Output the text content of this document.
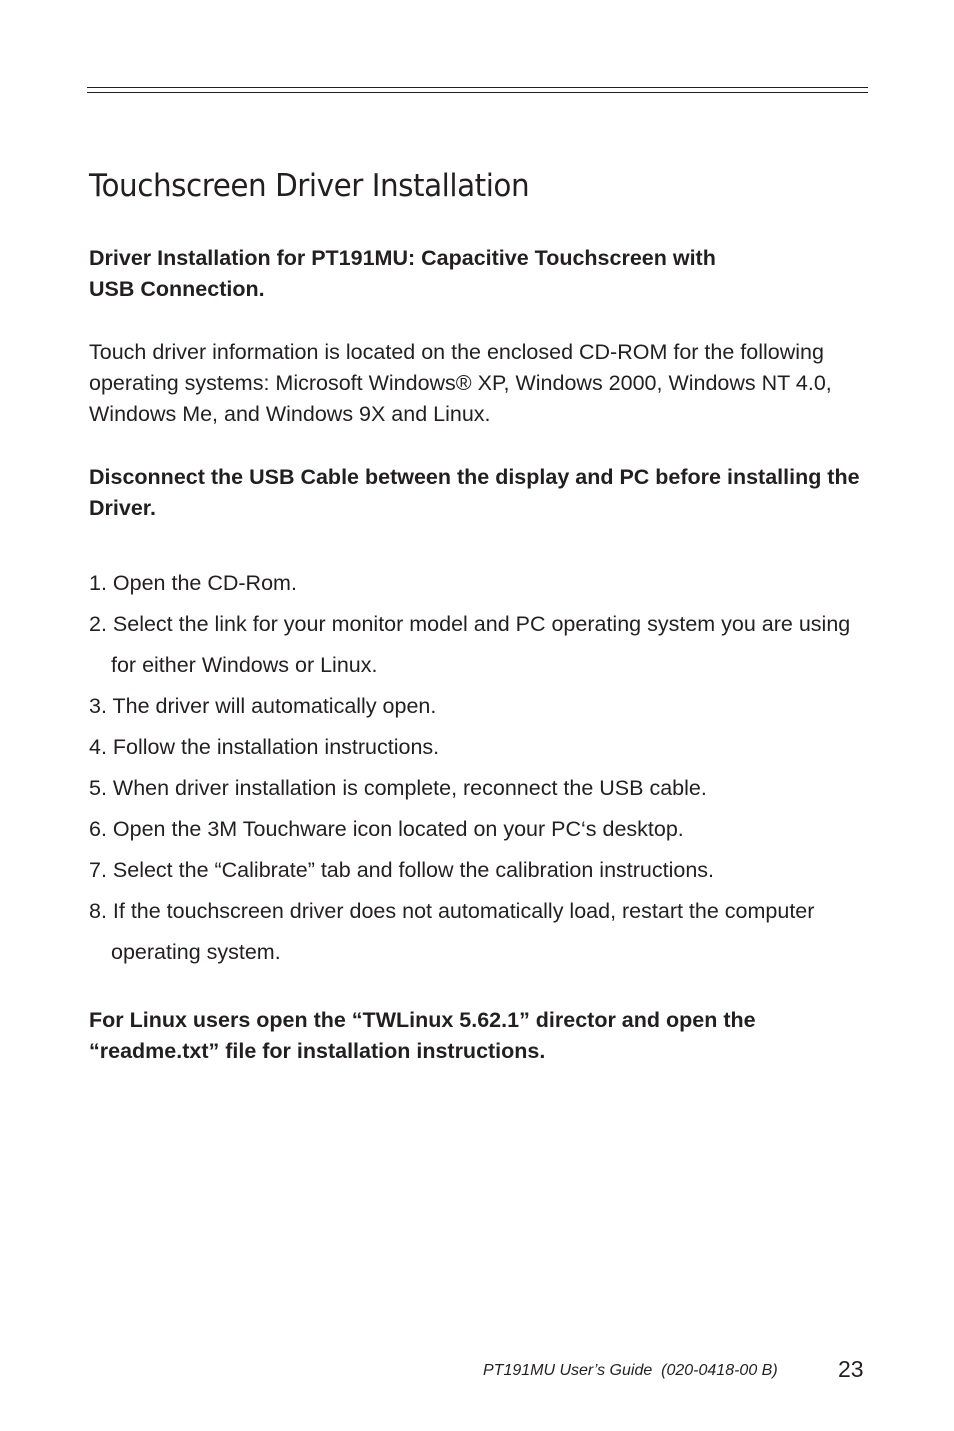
Touchscreen Driver Installation

Driver Installation for PT191MU: Capacitive Touchscreen with
USB Connection.

Touch driver information is located on the enclosed CD-ROM for the following operating systems: Microsoft Windows® XP, Windows 2000, Windows NT 4.0, Windows Me, and Windows 9X and Linux.

Disconnect the USB Cable between the display and PC before installing the Driver.

1. Open the CD-Rom.
2. Select the link for your monitor model and PC operating system you are using for either Windows or Linux.
3. The driver will automatically open.
4. Follow the installation instructions.
5. When driver installation is complete, reconnect the USB cable.
6. Open the 3M Touchware icon located on your PC‘s desktop.
7. Select the “Calibrate” tab and follow the calibration instructions.
8. If the touchscreen driver does not automatically load, restart the computer operating system.

For Linux users open the “TWLinux 5.62.1” director and open the
“readme.txt” file for installation instructions.

PT191MU User’s Guide  (020-0418-00 B)	23
